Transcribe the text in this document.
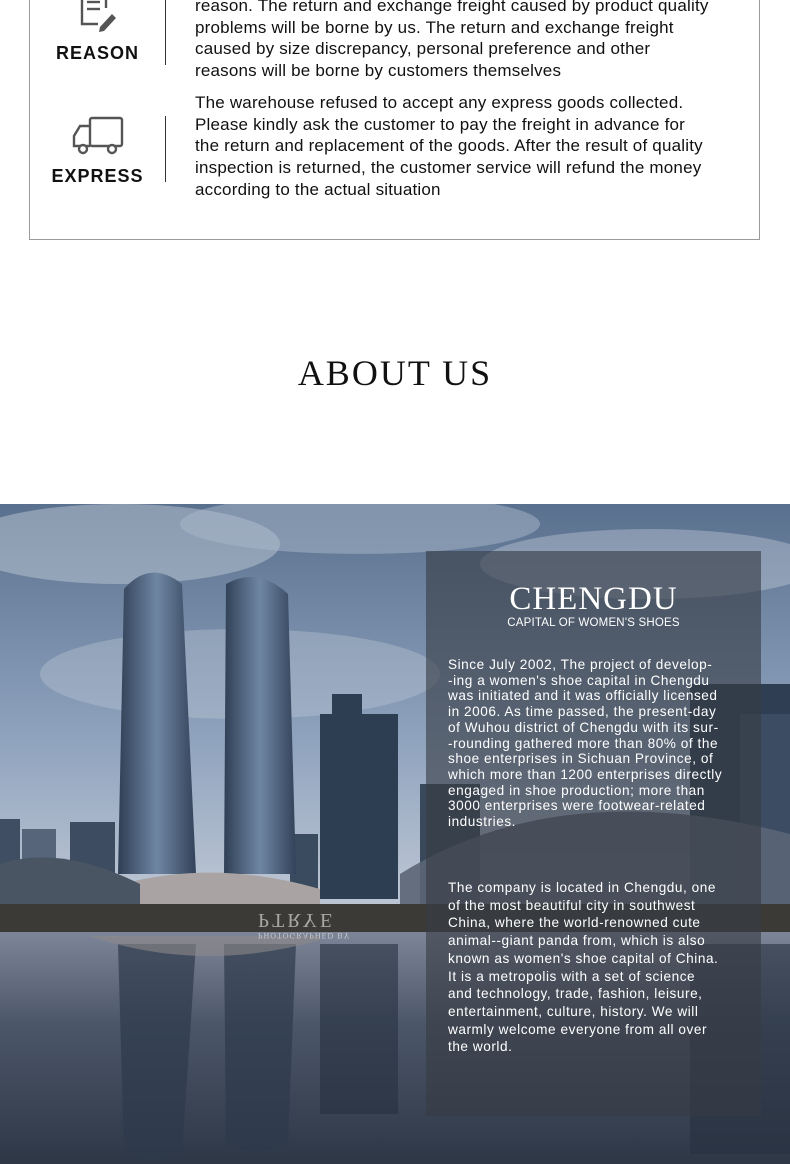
REASON
reason. The return and exchange freight caused by product quality
problems will be borne by us. The return and exchange freight
caused by size discrepancy, personal preference and other
reasons will be borne by customers themselves
EXPRESS
The warehouse refused to accept any express goods collected.
Please kindly ask the customer to pay the freight in advance for
the return and replacement of the goods. After the result of quality
inspection is returned, the customer service will refund the money
according to the actual situation
ABOUT US
PTRYE
PHOTOGRAPHED BY
CHENGDU
CAPITAL OF WOMEN'S SHOES
Since July 2002, The project of develop-
-ing a women's shoe capital in Chengdu
was initiated and it was officially licensed
in 2006. As time passed, the present-day
of Wuhou district of Chengdu with its sur-
-rounding gathered more than 80% of the
shoe enterprises in Sichuan Province, of
which more than 1200 enterprises directly
engaged in shoe production; more than
3000 enterprises were footwear-related
industries.
The company is located in Chengdu, one
of the most beautiful city in southwest
China, where the world-renowned cute
animal--giant panda from, which is also
known as women's shoe capital of China.
It is a metropolis with a set of science
and technology, trade, fashion, leisure,
entertainment, culture, history. We will
warmly welcome everyone from all over
the world.
